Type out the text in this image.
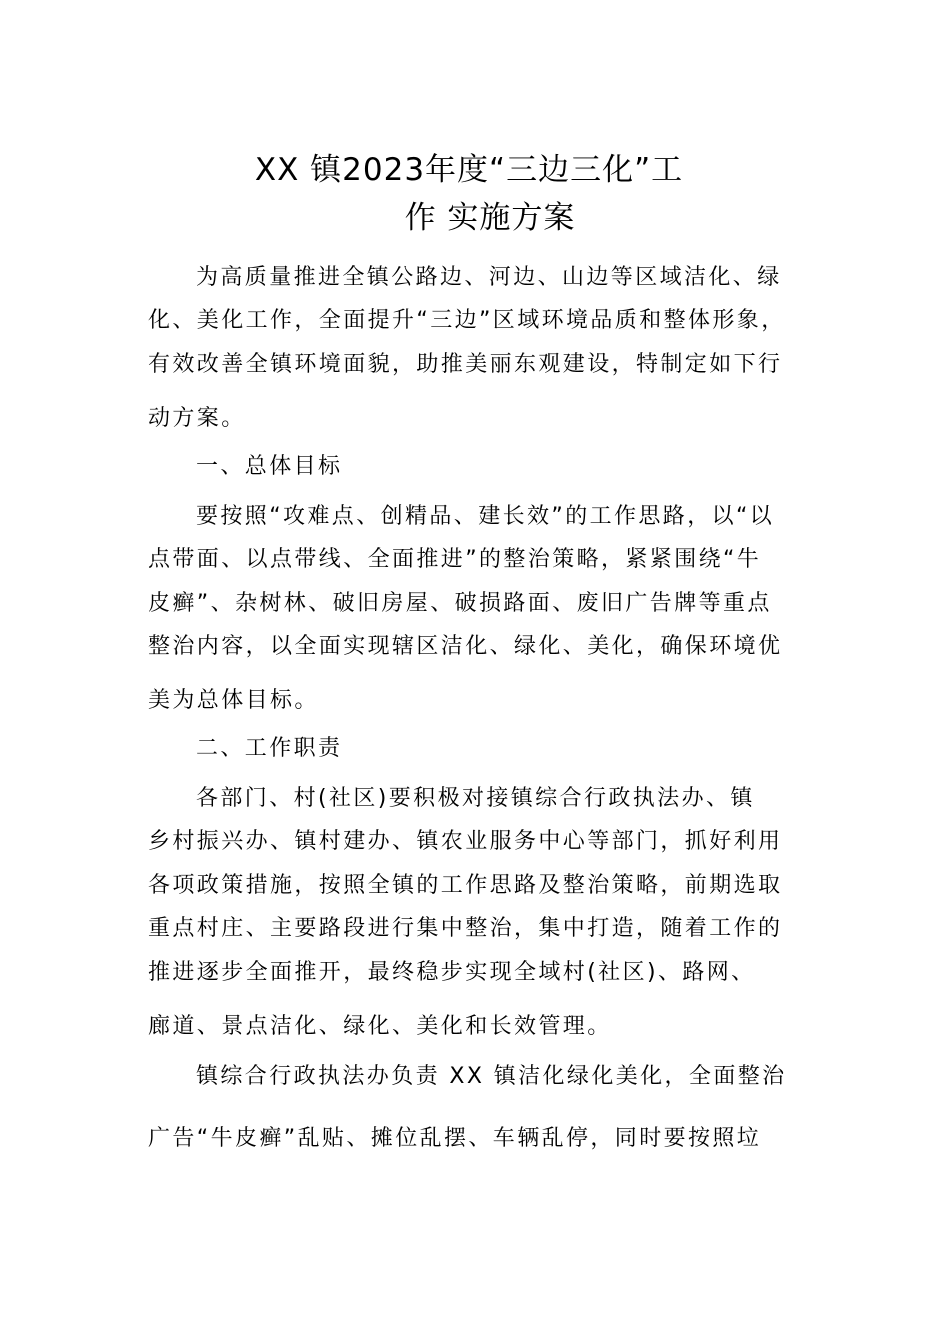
XX 镇2023年度“三边三化”工
作 实施方案
为高质量推进全镇公路边、河边、山边等区域洁化、绿
化、美化工作，全面提升“三边”区域环境品质和整体形象，
有效改善全镇环境面貌，助推美丽东观建设，特制定如下行
动方案。
一、总体目标
要按照“攻难点、创精品、建长效”的工作思路，以“以
点带面、以点带线、全面推进”的整治策略，紧紧围绕“牛
皮癣”、杂树林、破旧房屋、破损路面、废旧广告牌等重点
整治内容，以全面实现辖区洁化、绿化、美化，确保环境优
美为总体目标。
二、工作职责
各部门、村(社区)要积极对接镇综合行政执法办、镇
乡村振兴办、镇村建办、镇农业服务中心等部门，抓好利用
各项政策措施，按照全镇的工作思路及整治策略，前期选取
重点村庄、主要路段进行集中整治，集中打造，随着工作的
推进逐步全面推开，最终稳步实现全域村(社区)、路网、
廊道、景点洁化、绿化、美化和长效管理。
镇综合行政执法办负责 XX 镇洁化绿化美化，全面整治
广告“牛皮癣”乱贴、摊位乱摆、车辆乱停，同时要按照垃
